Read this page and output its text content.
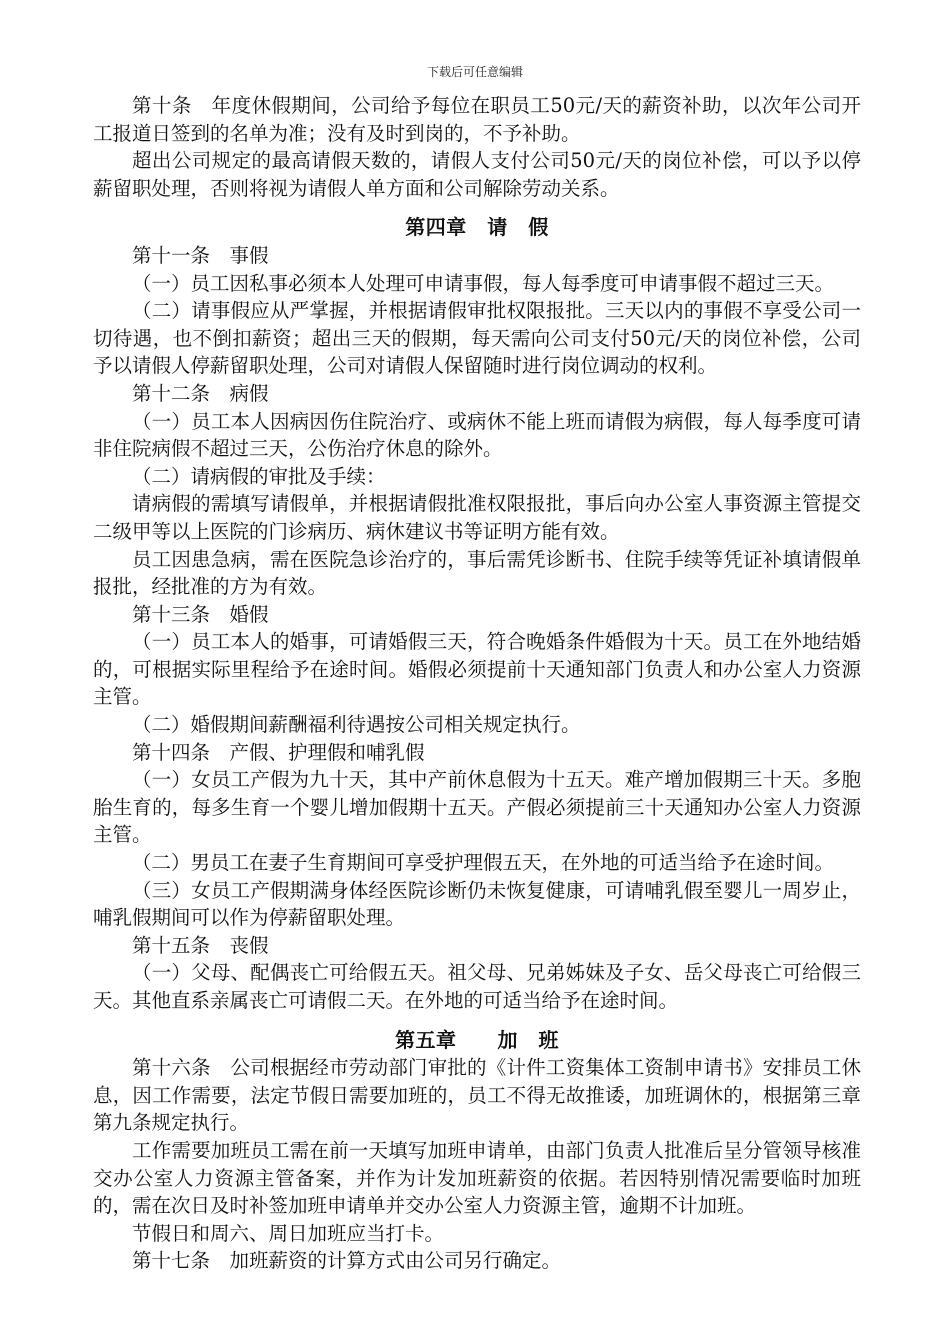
下载后可任意编辑

第十条　年度休假期间，公司给予每位在职员工50元/天的薪资补助，以次年公司开工报道日签到的名单为准；没有及时到岗的，不予补助。

超出公司规定的最高请假天数的，请假人支付公司50元/天的岗位补偿，可以予以停薪留职处理，否则将视为请假人单方面和公司解除劳动关系。

第四章　请　假

第十一条　事假

（一）员工因私事必须本人处理可申请事假，每人每季度可申请事假不超过三天。

（二）请事假应从严掌握，并根据请假审批权限报批。三天以内的事假不享受公司一切待遇，也不倒扣薪资；超出三天的假期，每天需向公司支付50元/天的岗位补偿，公司予以请假人停薪留职处理，公司对请假人保留随时进行岗位调动的权利。

第十二条　病假

（一）员工本人因病因伤住院治疗、或病休不能上班而请假为病假，每人每季度可请非住院病假不超过三天，公伤治疗休息的除外。

（二）请病假的审批及手续：

请病假的需填写请假单，并根据请假批准权限报批，事后向办公室人事资源主管提交二级甲等以上医院的门诊病历、病休建议书等证明方能有效。

员工因患急病，需在医院急诊治疗的，事后需凭诊断书、住院手续等凭证补填请假单报批，经批准的方为有效。

第十三条　婚假

（一）员工本人的婚事，可请婚假三天，符合晚婚条件婚假为十天。员工在外地结婚的，可根据实际里程给予在途时间。婚假必须提前十天通知部门负责人和办公室人力资源主管。

（二）婚假期间薪酬福利待遇按公司相关规定执行。

第十四条　产假、护理假和哺乳假

（一）女员工产假为九十天，其中产前休息假为十五天。难产增加假期三十天。多胞胎生育的，每多生育一个婴儿增加假期十五天。产假必须提前三十天通知办公室人力资源主管。

（二）男员工在妻子生育期间可享受护理假五天，在外地的可适当给予在途时间。

（三）女员工产假期满身体经医院诊断仍未恢复健康，可请哺乳假至婴儿一周岁止，哺乳假期间可以作为停薪留职处理。

第十五条　丧假

（一）父母、配偶丧亡可给假五天。祖父母、兄弟姊妹及子女、岳父母丧亡可给假三天。其他直系亲属丧亡可请假二天。在外地的可适当给予在途时间。

第五章　　加　班

第十六条　公司根据经市劳动部门审批的《计件工资集体工资制申请书》安排员工休息，因工作需要，法定节假日需要加班的，员工不得无故推诿，加班调休的，根据第三章第九条规定执行。

工作需要加班员工需在前一天填写加班申请单，由部门负责人批准后呈分管领导核准交办公室人力资源主管备案，并作为计发加班薪资的依据。若因特别情况需要临时加班的，需在次日及时补签加班申请单并交办公室人力资源主管，逾期不计加班。

节假日和周六、周日加班应当打卡。

第十七条　加班薪资的计算方式由公司另行确定。
